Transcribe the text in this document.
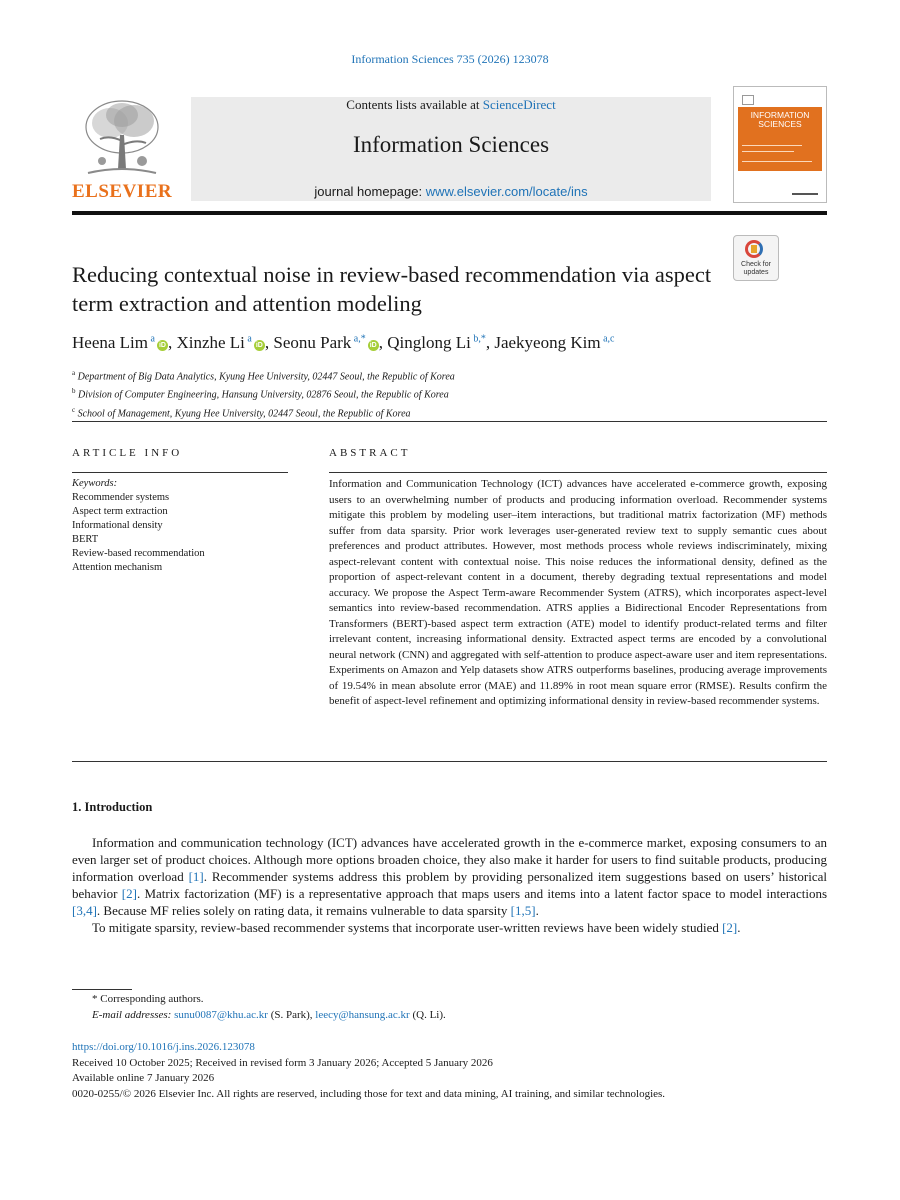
Information Sciences 735 (2026) 123078
ELSEVIER
Contents lists available at ScienceDirect
Information Sciences
journal homepage: www.elsevier.com/locate/ins
INFORMATION
SCIENCES
Check for
updates
Reducing contextual noise in review-based recommendation via aspect term extraction and attention modeling
Heena Lim $^a$iD , Xinzhe Li $^a$iD , Seonu Park $^{a,*}$iD , Qinglong Li $^{b,*}$, Jaekyeong Kim $^{a,c}$
$^a$ Department of Big Data Analytics, Kyung Hee University, 02447 Seoul, the Republic of Korea
$^b$ Division of Computer Engineering, Hansung University, 02876 Seoul, the Republic of Korea
$^c$ School of Management, Kyung Hee University, 02447 Seoul, the Republic of Korea
ARTICLE INFO	ABSTRACT
Keywords:
Recommender systems
Aspect term extraction
Informational density
BERT
Review-based recommendation
Attention mechanism
Information and Communication Technology (ICT) advances have accelerated e-commerce growth, exposing users to an overwhelming number of products and producing information overload. Recommender systems mitigate this problem by modeling user–item interactions, but traditional matrix factorization (MF) methods suffer from data sparsity. Prior work leverages user-generated review text to supply semantic cues about preferences and product attributes. However, most methods process whole reviews indiscriminately, mixing aspect-relevant content with contextual noise. This noise reduces the informational density, defined as the proportion of aspect-relevant content in a document, thereby degrading textual representations and model accuracy. We propose the Aspect Term-aware Recommender System (ATRS), which incorporates aspect-level semantics into review-based recommendation. ATRS applies a Bidirectional Encoder Representations from Transformers (BERT)-based aspect term extraction (ATE) model to identify product-related terms and filter irrelevant content, increasing informational density. Extracted aspect terms are encoded by a convolutional neural network (CNN) and aggregated with self-attention to produce aspect-aware user and item representations. Experiments on Amazon and Yelp datasets show ATRS outperforms baselines, producing average improvements of 19.54% in mean absolute error (MAE) and 11.89% in root mean square error (RMSE). Results confirm the benefit of aspect-level refinement and optimizing informational density in review-based recommender systems.
1. Introduction

Information and communication technology (ICT) advances have accelerated growth in the e-commerce market, exposing consumers to an even larger set of product choices. Although more options broaden choice, they also make it harder for users to find suitable products, producing information overload [1]. Recommender systems address this problem by providing personalized item suggestions based on users’ historical behavior [2]. Matrix factorization (MF) is a representative approach that maps users and items into a latent factor space to model interactions [3,4]. Because MF relies solely on rating data, it remains vulnerable to data sparsity [1,5].

To mitigate sparsity, review-based recommender systems that incorporate user-written reviews have been widely studied [2].

* Corresponding authors.
E-mail addresses: sunu0087@khu.ac.kr (S. Park), leecy@hansung.ac.kr (Q. Li).
https://doi.org/10.1016/j.ins.2026.123078
Received 10 October 2025; Received in revised form 3 January 2026; Accepted 5 January 2026
Available online 7 January 2026
0020-0255/© 2026 Elsevier Inc. All rights are reserved, including those for text and data mining, AI training, and similar technologies.
